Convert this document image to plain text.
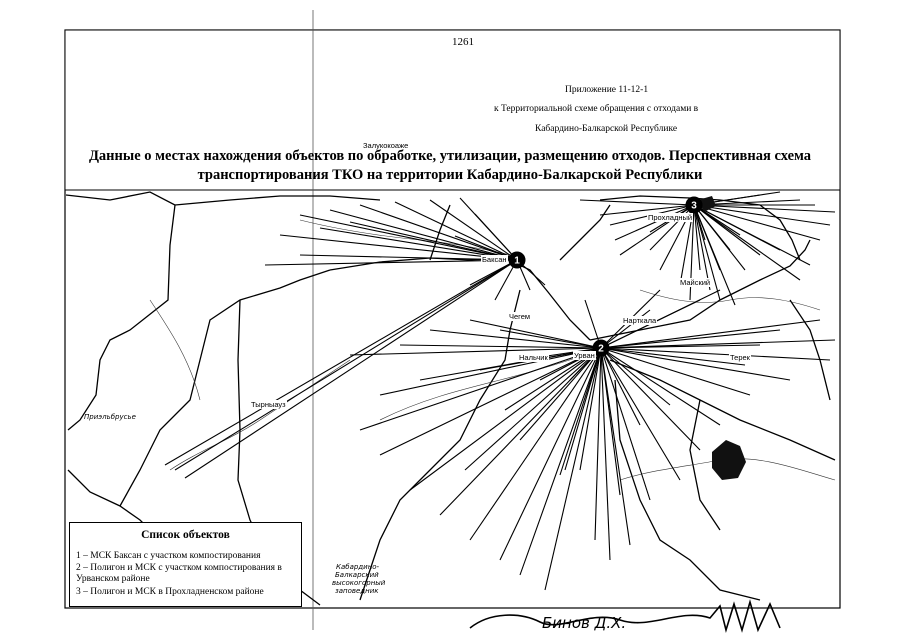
1
2
3
1261
Приложение 11-12-1
к Территориальной схеме обращения с отходами в
Кабардино-Балкарской Республике
Залукокоаже
Данные о местах нахождения объектов по обработке, утилизации, размещению отходов. Перспективная схема транспортирования ТКО на территории Кабардино-Балкарской Республики
Баксан
Урван
Прохладный
Майский
Чегем	Нарткала
Нальчик	Терек
Тырныауз
Приэльбрусье
Кабардино-
Балкарский
высокогорный
заповедник
Бинов Д.Х.
Список объектов
1 – МСК Баксан с участком компостирования
2 – Полигон и МСК с участком компостирования в Урванском районе
3 – Полигон и МСК в Прохладненском районе
